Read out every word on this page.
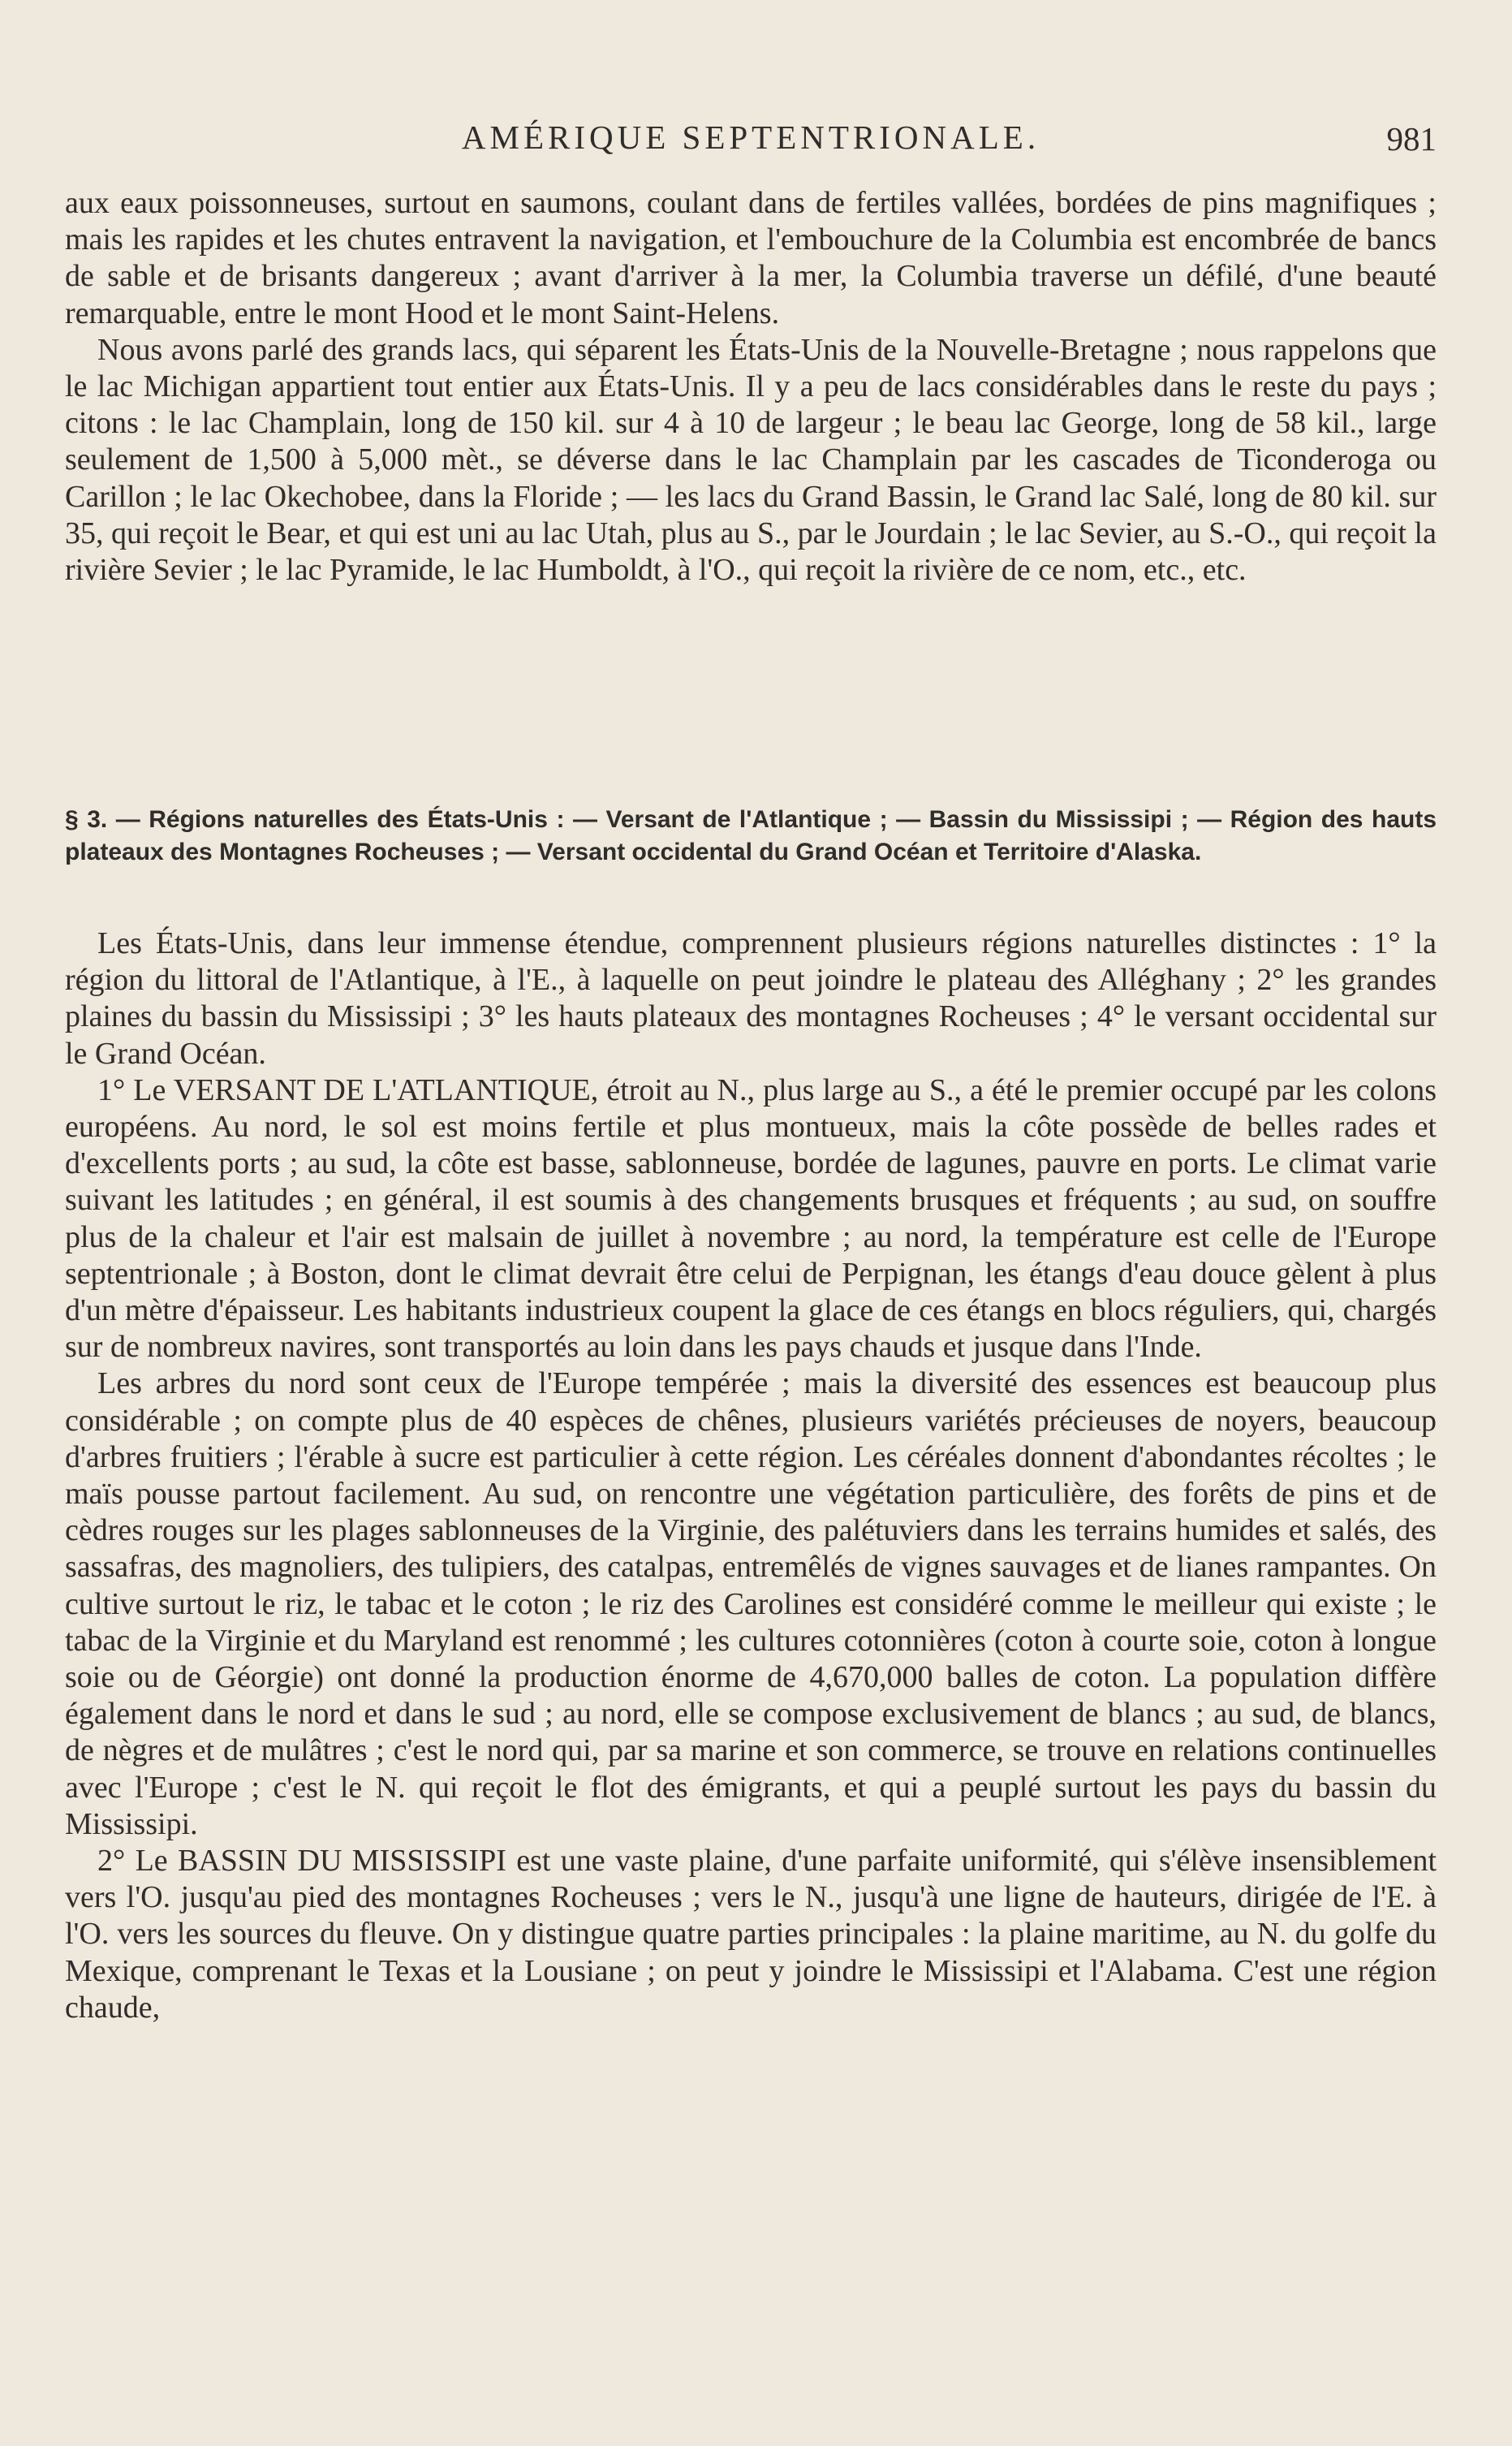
AMÉRIQUE SEPTENTRIONALE.	981

aux eaux poissonneuses, surtout en saumons, coulant dans de fertiles vallées, bordées de pins magnifiques ; mais les rapides et les chutes entravent la navigation, et l'embouchure de la Columbia est encombrée de bancs de sable et de brisants dangereux ; avant d'arriver à la mer, la Columbia traverse un défilé, d'une beauté remarquable, entre le mont Hood et le mont Saint-Helens.

Nous avons parlé des grands lacs, qui séparent les États-Unis de la Nouvelle-Bretagne ; nous rappelons que le lac Michigan appartient tout entier aux États-Unis. Il y a peu de lacs considérables dans le reste du pays ; citons : le lac Champlain, long de 150 kil. sur 4 à 10 de largeur ; le beau lac George, long de 58 kil., large seulement de 1,500 à 5,000 mèt., se déverse dans le lac Champlain par les cascades de Ticonderoga ou Carillon ; le lac Okechobee, dans la Floride ; — les lacs du Grand Bassin, le Grand lac Salé, long de 80 kil. sur 35, qui reçoit le Bear, et qui est uni au lac Utah, plus au S., par le Jourdain ; le lac Sevier, au S.-O., qui reçoit la rivière Sevier ; le lac Pyramide, le lac Humboldt, à l'O., qui reçoit la rivière de ce nom, etc., etc.

§ 3. — Régions naturelles des États-Unis : — Versant de l'Atlantique ; — Bassin du Mississipi ; — Région des hauts plateaux des Montagnes Rocheuses ; — Versant occidental du Grand Océan et Territoire d'Alaska.

Les États-Unis, dans leur immense étendue, comprennent plusieurs régions naturelles distinctes : 1° la région du littoral de l'Atlantique, à l'E., à laquelle on peut joindre le plateau des Alléghany ; 2° les grandes plaines du bassin du Mississipi ; 3° les hauts plateaux des montagnes Rocheuses ; 4° le versant occidental sur le Grand Océan.

1° Le VERSANT DE L'ATLANTIQUE, étroit au N., plus large au S., a été le premier occupé par les colons européens. Au nord, le sol est moins fertile et plus montueux, mais la côte possède de belles rades et d'excellents ports ; au sud, la côte est basse, sablonneuse, bordée de lagunes, pauvre en ports. Le climat varie suivant les latitudes ; en général, il est soumis à des changements brusques et fréquents ; au sud, on souffre plus de la chaleur et l'air est malsain de juillet à novembre ; au nord, la température est celle de l'Europe septentrionale ; à Boston, dont le climat devrait être celui de Perpignan, les étangs d'eau douce gèlent à plus d'un mètre d'épaisseur. Les habitants industrieux coupent la glace de ces étangs en blocs réguliers, qui, chargés sur de nombreux navires, sont transportés au loin dans les pays chauds et jusque dans l'Inde.

Les arbres du nord sont ceux de l'Europe tempérée ; mais la diversité des essences est beaucoup plus considérable ; on compte plus de 40 espèces de chênes, plusieurs variétés précieuses de noyers, beaucoup d'arbres fruitiers ; l'érable à sucre est particulier à cette région. Les céréales donnent d'abondantes récoltes ; le maïs pousse partout facilement. Au sud, on rencontre une végétation particulière, des forêts de pins et de cèdres rouges sur les plages sablonneuses de la Virginie, des palétuviers dans les terrains humides et salés, des sassafras, des magnoliers, des tulipiers, des catalpas, entremêlés de vignes sauvages et de lianes rampantes. On cultive surtout le riz, le tabac et le coton ; le riz des Carolines est considéré comme le meilleur qui existe ; le tabac de la Virginie et du Maryland est renommé ; les cultures cotonnières (coton à courte soie, coton à longue soie ou de Géorgie) ont donné la production énorme de 4,670,000 balles de coton. La population diffère également dans le nord et dans le sud ; au nord, elle se compose exclusivement de blancs ; au sud, de blancs, de nègres et de mulâtres ; c'est le nord qui, par sa marine et son commerce, se trouve en relations continuelles avec l'Europe ; c'est le N. qui reçoit le flot des émigrants, et qui a peuplé surtout les pays du bassin du Mississipi.

2° Le BASSIN DU MISSISSIPI est une vaste plaine, d'une parfaite uniformité, qui s'élève insensiblement vers l'O. jusqu'au pied des montagnes Rocheuses ; vers le N., jusqu'à une ligne de hauteurs, dirigée de l'E. à l'O. vers les sources du fleuve. On y distingue quatre parties principales : la plaine maritime, au N. du golfe du Mexique, comprenant le Texas et la Lousiane ; on peut y joindre le Mississipi et l'Alabama. C'est une région chaude,
